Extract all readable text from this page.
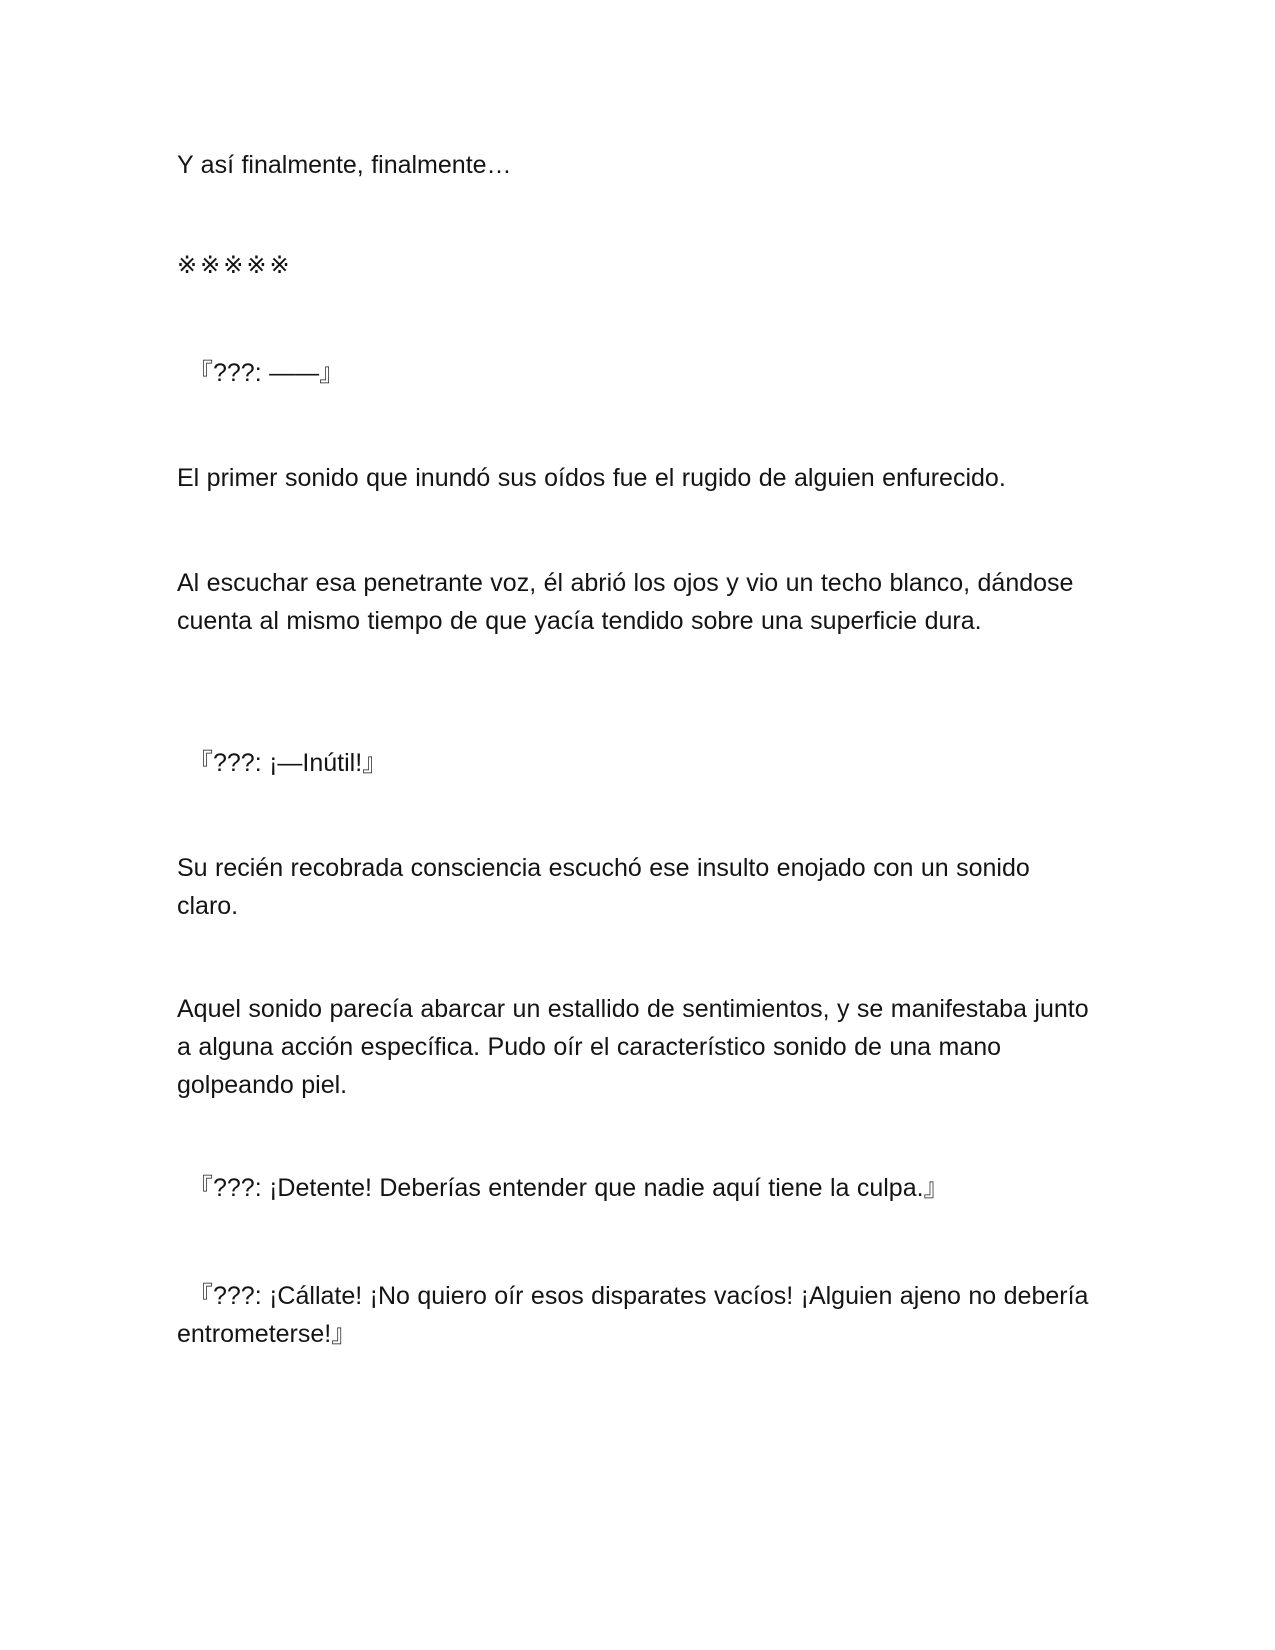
Y así finalmente, finalmente…

※※※※※

『???: ——』

El primer sonido que inundó sus oídos fue el rugido de alguien enfurecido.

Al escuchar esa penetrante voz, él abrió los ojos y vio un techo blanco, dándose cuenta al mismo tiempo de que yacía tendido sobre una superficie dura.

『???: ¡—Inútil!』

Su recién recobrada consciencia escuchó ese insulto enojado con un sonido claro.

Aquel sonido parecía abarcar un estallido de sentimientos, y se manifestaba junto a alguna acción específica. Pudo oír el característico sonido de una mano golpeando piel.

『???: ¡Detente! Deberías entender que nadie aquí tiene la culpa.』

『???: ¡Cállate! ¡No quiero oír esos disparates vacíos! ¡Alguien ajeno no debería entrometerse!』
